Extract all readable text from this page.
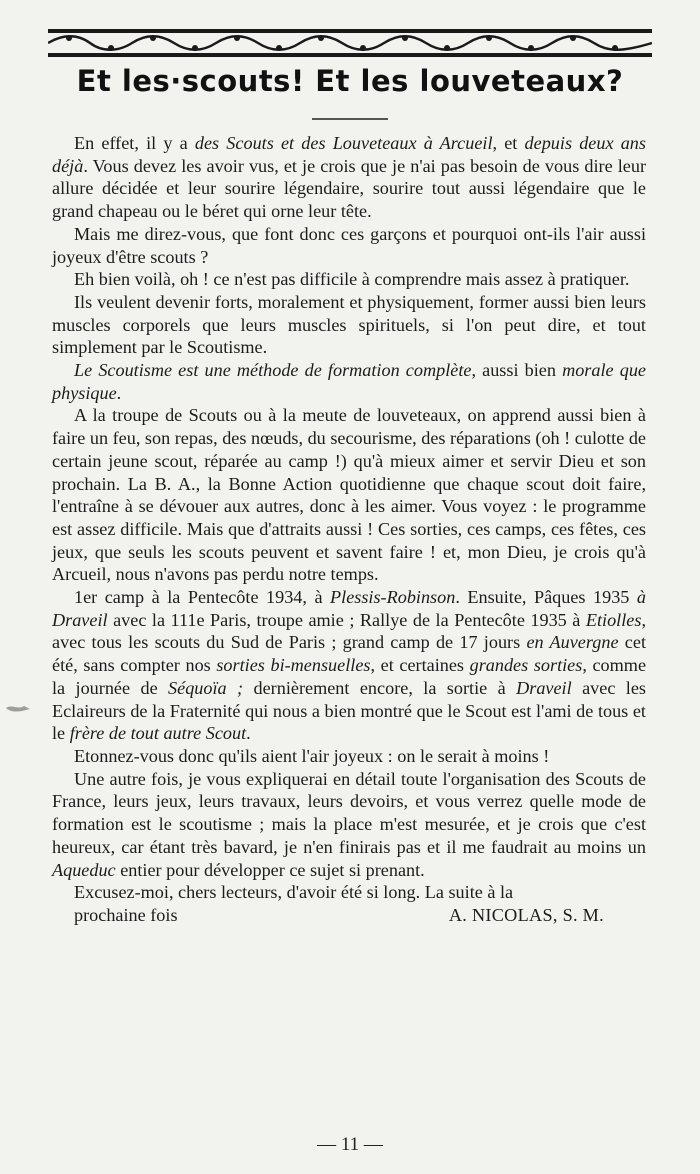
Et les·scouts! Et les louveteaux?

En effet, il y a des Scouts et des Louveteaux à Arcueil, et depuis deux ans déjà. Vous devez les avoir vus, et je crois que je n'ai pas besoin de vous dire leur allure décidée et leur sourire légendaire, sourire tout aussi légendaire que le grand chapeau ou le béret qui orne leur tête.

Mais me direz-vous, que font donc ces garçons et pourquoi ont-ils l'air aussi joyeux d'être scouts ?

Eh bien voilà, oh ! ce n'est pas difficile à comprendre mais assez à pratiquer.

Ils veulent devenir forts, moralement et physiquement, former aussi bien leurs muscles corporels que leurs muscles spirituels, si l'on peut dire, et tout simplement par le Scoutisme.

Le Scoutisme est une méthode de formation complète, aussi bien morale que physique.

A la troupe de Scouts ou à la meute de louveteaux, on apprend aussi bien à faire un feu, son repas, des nœuds, du secourisme, des réparations (oh ! culotte de certain jeune scout, réparée au camp !) qu'à mieux aimer et servir Dieu et son prochain. La B. A., la Bonne Action quotidienne que chaque scout doit faire, l'entraîne à se dévouer aux autres, donc à les aimer. Vous voyez : le programme est assez difficile. Mais que d'attraits aussi ! Ces sorties, ces camps, ces fêtes, ces jeux, que seuls les scouts peuvent et savent faire ! et, mon Dieu, je crois qu'à Arcueil, nous n'avons pas perdu notre temps.

1er camp à la Pentecôte 1934, à Plessis-Robinson. Ensuite, Pâques 1935 à Draveil avec la 111e Paris, troupe amie ; Rallye de la Pentecôte 1935 à Etiolles, avec tous les scouts du Sud de Paris ; grand camp de 17 jours en Auvergne cet été, sans compter nos sorties bi-mensuelles, et certaines grandes sorties, comme la journée de Séquoïa ; dernièrement encore, la sortie à Draveil avec les Eclaireurs de la Fraternité qui nous a bien montré que le Scout est l'ami de tous et le frère de tout autre Scout.

Etonnez-vous donc qu'ils aient l'air joyeux : on le serait à moins !

Une autre fois, je vous expliquerai en détail toute l'organisation des Scouts de France, leurs jeux, leurs travaux, leurs devoirs, et vous verrez quelle mode de formation est le scoutisme ; mais la place m'est mesurée, et je crois que c'est heureux, car étant très bavard, je n'en finirais pas et il me faudrait au moins un Aqueduc entier pour développer ce sujet si prenant.

Excusez-moi, chers lecteurs, d'avoir été si long. La suite à la

prochaine fois	A. NICOLAS, S. M.

— 11 —
